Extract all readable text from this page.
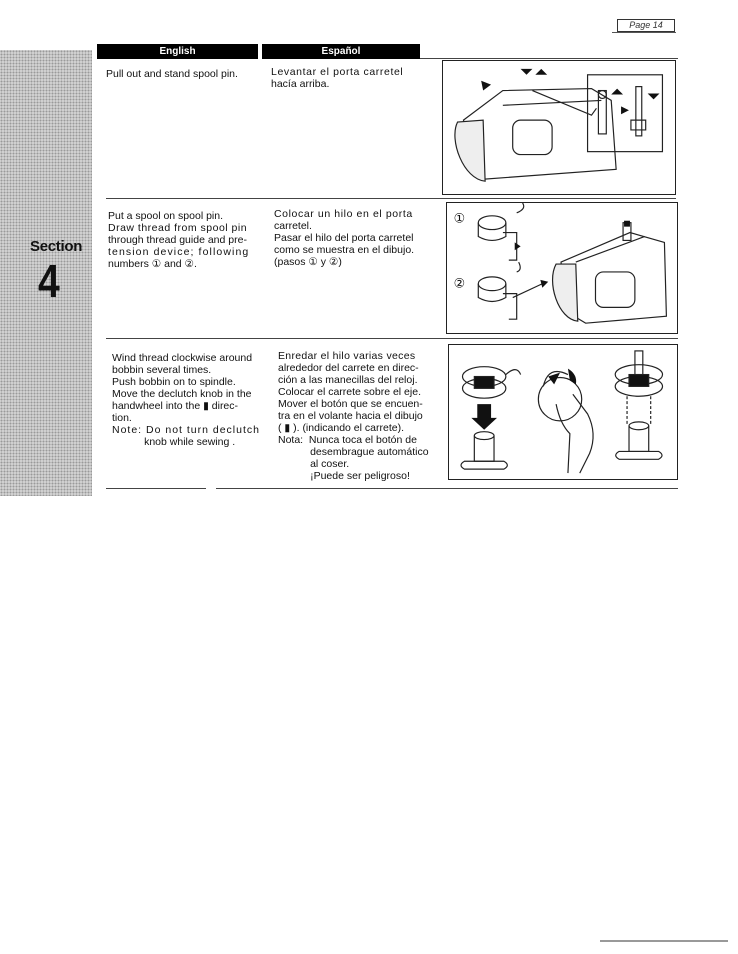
Section
4
Page 14
English	Español
Pull out and stand spool pin.	Levantar el porta carretel
hacía arriba.
Put a spool on spool pin.
Draw thread from spool pin
through thread guide and pre-
tension device; following
numbers ① and ②.
Colocar un hilo en el porta
carretel.
Pasar el hilo del porta carretel
como se muestra en el dibujo.
(pasos ① y ②)
①
②
Wind thread clockwise around
bobbin several times.
Push bobbin on to spindle.
Move the declutch knob in the
handwheel into the ▮ direc-
tion.
Note: Do not turn declutch
knob while sewing .
Enredar el hilo varias veces
alrededor del carrete en direc-
ción a las manecillas del reloj.
Colocar el carrete sobre el eje.
Mover el botón que se encuen-
tra en el volante hacia el dibujo
( ▮ ). (indicando el carrete).
Nota:  Nunca toca el botón de
desembrague automático
al coser.
¡Puede ser peligroso!
